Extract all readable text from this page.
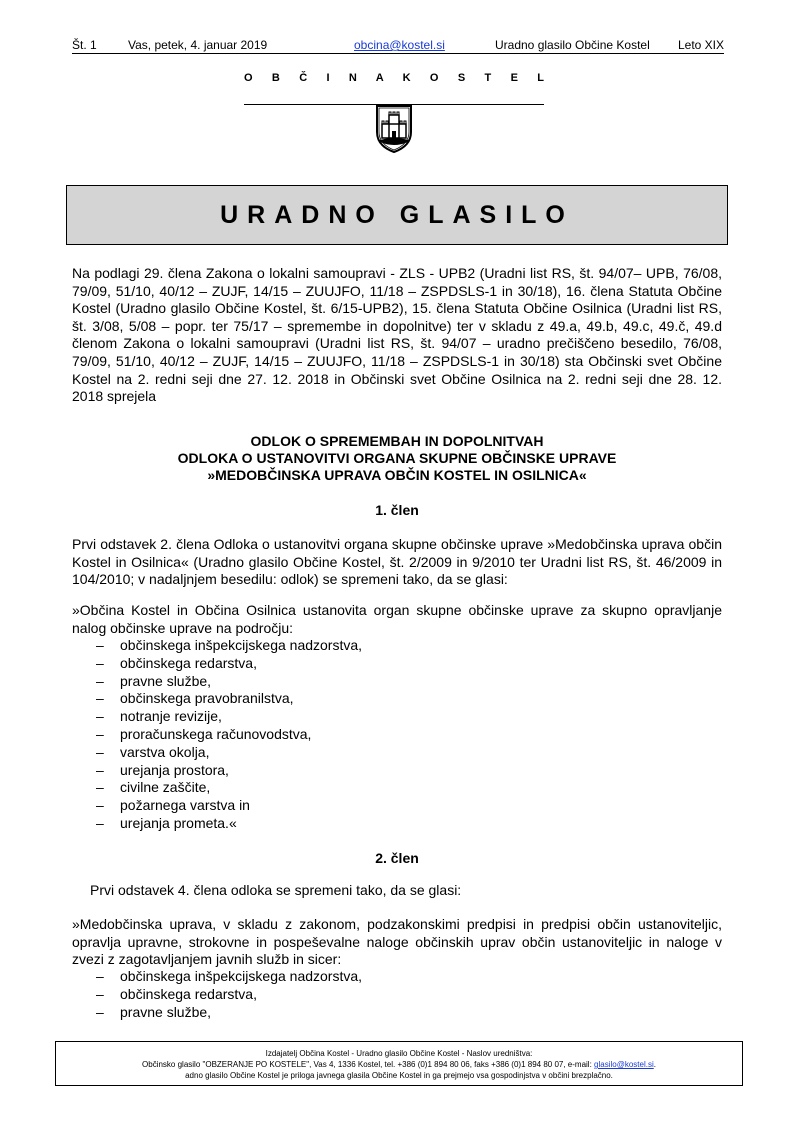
Št. 1	Vas, petek, 4. januar 2019	obcina@kostel.si	Uradno glasilo Občine Kostel Leto XIX
O B Č I N A K O S T E L
URADNO GLASILO
Na podlagi 29. člena Zakona o lokalni samoupravi - ZLS - UPB2 (Uradni list RS, št. 94/07– UPB, 76/08, 79/09, 51/10, 40/12 – ZUJF, 14/15 – ZUUJFO, 11/18 – ZSPDSLS-1 in 30/18), 16. člena Statuta Občine Kostel (Uradno glasilo Občine Kostel, št. 6/15-UPB2), 15. člena Statuta Občine Osilnica (Uradni list RS, št. 3/08, 5/08 – popr. ter 75/17 – spremembe in dopolnitve) ter v skladu z 49.a, 49.b, 49.c, 49.č, 49.d členom Zakona o lokalni samoupravi (Uradni list RS, št. 94/07 – uradno prečiščeno besedilo, 76/08, 79/09, 51/10, 40/12 – ZUJF, 14/15 – ZUUJFO, 11/18 – ZSPDSLS-1 in 30/18) sta Občinski svet Občine Kostel na 2. redni seji dne 27. 12. 2018 in Občinski svet Občine Osilnica na 2. redni seji dne 28. 12. 2018 sprejela
ODLOK O SPREMEMBAH IN DOPOLNITVAH
ODLOKA O USTANOVITVI ORGANA SKUPNE OBČINSKE UPRAVE
»MEDOBČINSKA UPRAVA OBČIN KOSTEL IN OSILNICA«
1. člen
Prvi odstavek 2. člena Odloka o ustanovitvi organa skupne občinske uprave »Medobčinska uprava občin Kostel in Osilnica« (Uradno glasilo Občine Kostel, št. 2/2009 in 9/2010 ter Uradni list RS, št. 46/2009 in 104/2010; v nadaljnjem besedilu: odlok) se spremeni tako, da se glasi:
»Občina Kostel in Občina Osilnica ustanovita organ skupne občinske uprave za skupno opravljanje nalog občinske uprave na področju:
– občinskega inšpekcijskega nadzorstva,
– občinskega redarstva,
– pravne službe,
– občinskega pravobranilstva,
– notranje revizije,
– proračunskega računovodstva,
– varstva okolja,
– urejanja prostora,
– civilne zaščite,
– požarnega varstva in
– urejanja prometa.«
2. člen
Prvi odstavek 4. člena odloka se spremeni tako, da se glasi:
»Medobčinska uprava, v skladu z zakonom, podzakonskimi predpisi in predpisi občin ustanoviteljic, opravlja upravne, strokovne in pospeševalne naloge občinskih uprav občin ustanoviteljic in naloge v zvezi z zagotavljanjem javnih služb in sicer:
– občinskega inšpekcijskega nadzorstva,
– občinskega redarstva,
– pravne službe,
Izdajatelj Občina Kostel - Uradno glasilo Občine Kostel - Naslov uredništva:
Občinsko glasilo "OBZERANJE PO KOSTELE", Vas 4, 1336 Kostel, tel. +386 (0)1 894 80 06, faks +386 (0)1 894 80 07, e-mail: glasilo@kostel.si.
adno glasilo Občine Kostel je priloga javnega glasila Občine Kostel in ga prejmejo vsa gospodinjstva v občini brezplačno.
